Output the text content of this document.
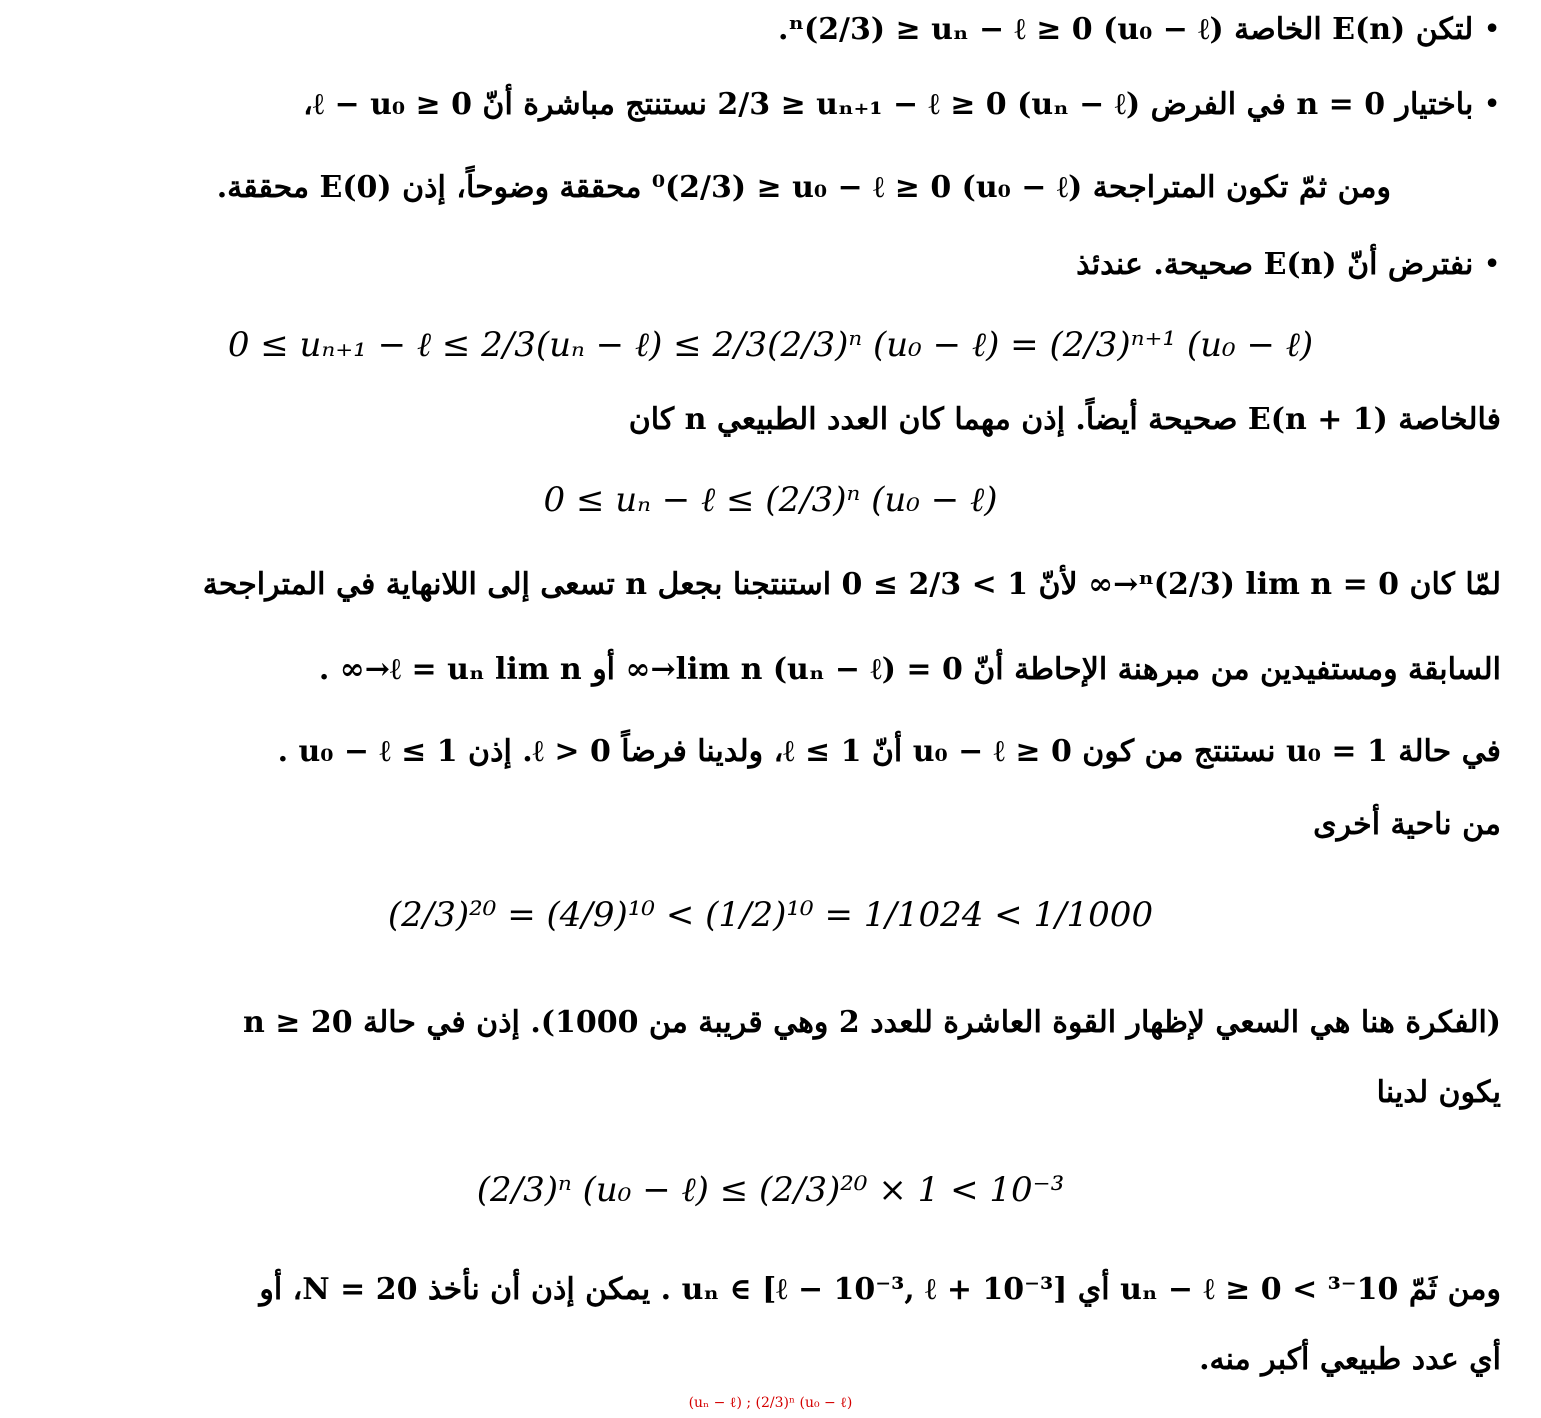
•
لتكن E(n) الخاصة (u₀ − ℓ) ⁿ(2/3) ≥ uₙ − ℓ ≥ 0.
•
باختيار 0 = n في الفرض (uₙ − ℓ) 2/3 ≥ uₙ₊₁ − ℓ ≥ 0 نستنتج مباشرة أنّ ℓ − u₀ ≥ 0،
ومن ثمّ تكون المتراجحة (u₀ − ℓ) ⁰(2/3) ≥ u₀ − ℓ ≥ 0 محققة وضوحاً، إذن E(0) محققة.
•
نفترض أنّ E(n) صحيحة. عندئذ
0 ≤ uₙ₊₁ − ℓ ≤ 2/3(uₙ − ℓ) ≤ 2/3(2/3)ⁿ (u₀ − ℓ) = (2/3)ⁿ⁺¹ (u₀ − ℓ)
فالخاصة E(n + 1) صحيحة أيضاً. إذن مهما كان العدد الطبيعي n كان
0 ≤ uₙ − ℓ ≤ (2/3)ⁿ (u₀ − ℓ)
لمّا كان 0 = ⁿ(2/3) lim n→∞ لأنّ 1 > 2/3 ≥ 0 استنتجنا بجعل n تسعى إلى اللانهاية في المتراجحة
السابقة ومستفيدين من مبرهنة الإحاطة أنّ 0 = (uₙ − ℓ) lim n→∞ أو ℓ = uₙ lim n→∞ .
في حالة 1 = u₀ نستنتج من كون 0 ≤ u₀ − ℓ أنّ 1 ≥ ℓ، ولدينا فرضاً ℓ > 0. إذن 1 ≥ u₀ − ℓ .
من ناحية أخرى
(2/3)²⁰ = (4/9)¹⁰ < (1/2)¹⁰ = 1/1024 < 1/1000
(الفكرة هنا هي السعي لإظهار القوة العاشرة للعدد 2 وهي قريبة من 1000). إذن في حالة 20 ≤ n
يكون لدينا
(2/3)ⁿ (u₀ − ℓ) ≤ (2/3)²⁰ × 1 < 10⁻³
ومن ثَمّ 10⁻³ > uₙ − ℓ ≥ 0 أي [ℓ − 10⁻³, ℓ + 10⁻³] ∋ uₙ . يمكن إذن أن نأخذ 20 = N، أو
أي عدد طبيعي أكبر منه.
(uₙ − ℓ) ; (2/3)ⁿ (u₀ − ℓ)
